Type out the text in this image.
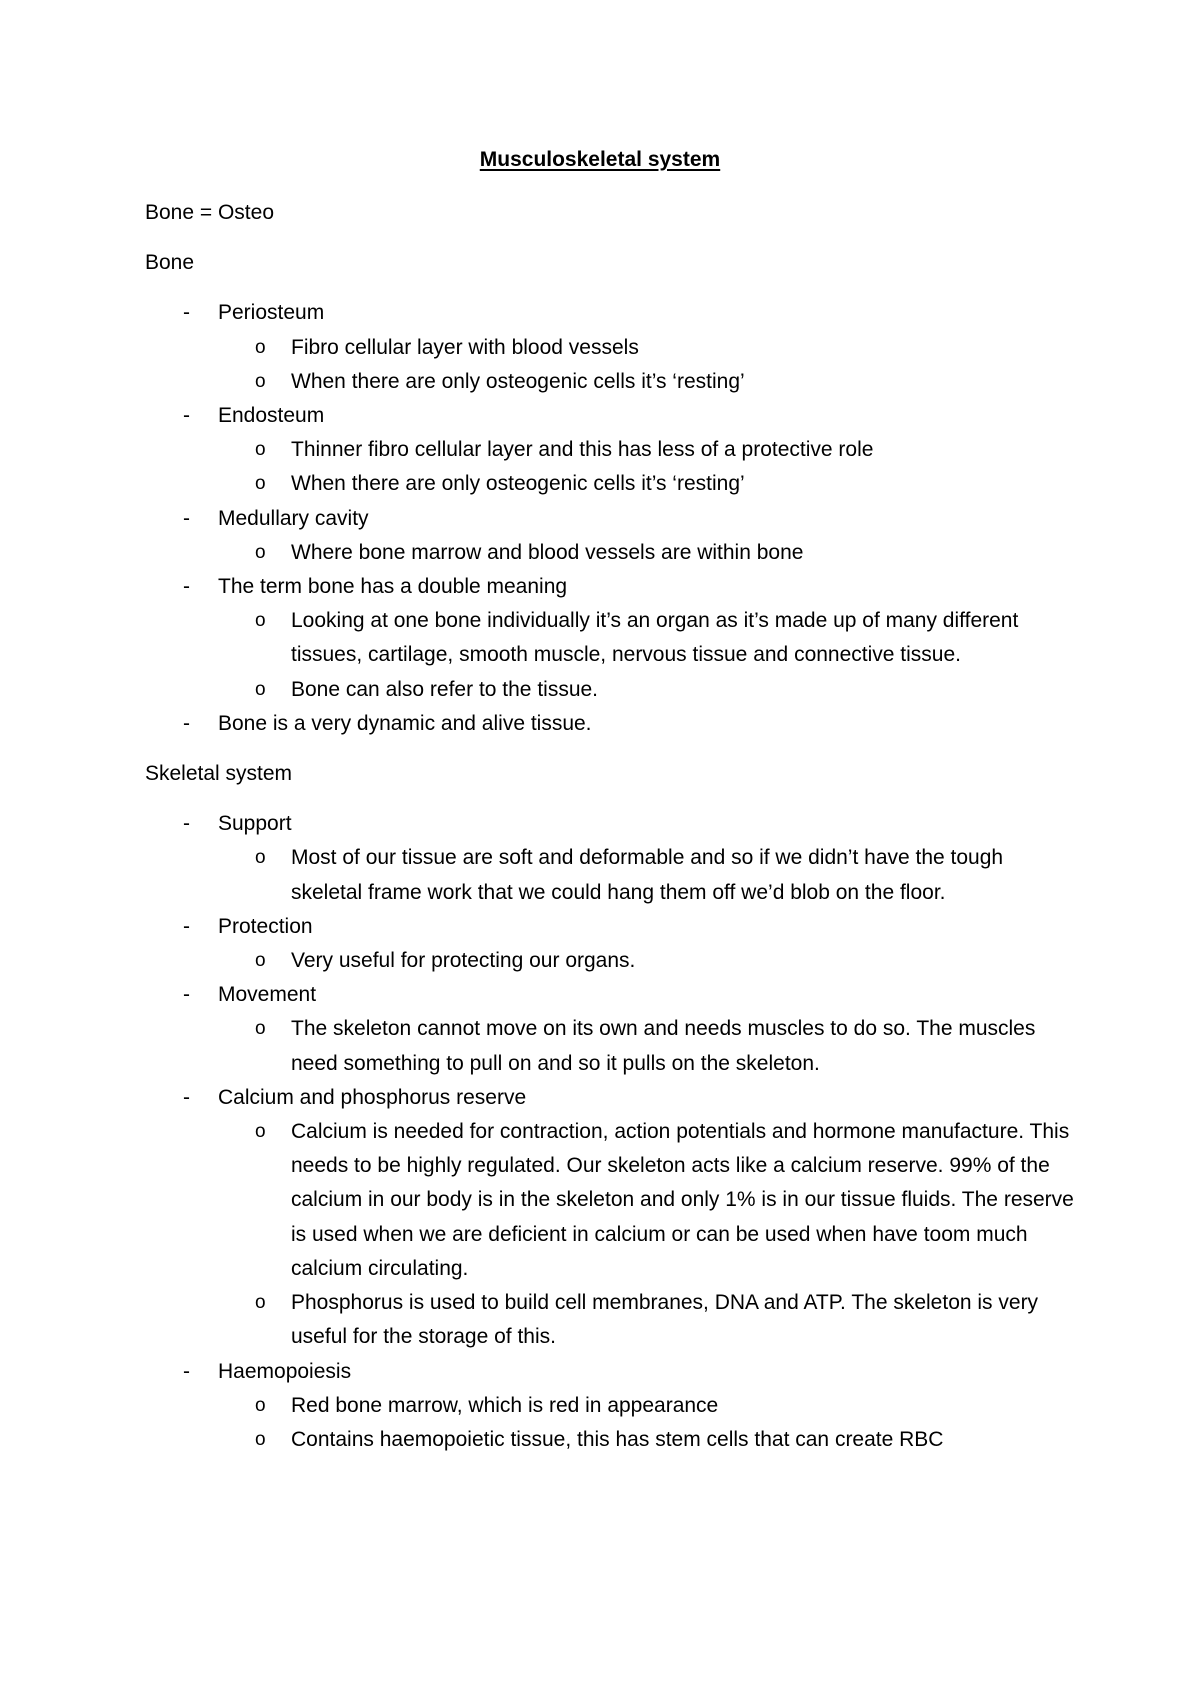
Musculoskeletal system

Bone = Osteo

Bone

- Periosteum
o Fibro cellular layer with blood vessels
o When there are only osteogenic cells it’s ‘resting’
- Endosteum
o Thinner fibro cellular layer and this has less of a protective role
o When there are only osteogenic cells it’s ‘resting’
- Medullary cavity
o Where bone marrow and blood vessels are within bone
- The term bone has a double meaning
o Looking at one bone individually it’s an organ as it’s made up of many different tissues, cartilage, smooth muscle, nervous tissue and connective tissue.
o Bone can also refer to the tissue.
- Bone is a very dynamic and alive tissue.

Skeletal system

- Support
o Most of our tissue are soft and deformable and so if we didn’t have the tough skeletal frame work that we could hang them off we’d blob on the floor.
- Protection
o Very useful for protecting our organs.
- Movement
o The skeleton cannot move on its own and needs muscles to do so. The muscles need something to pull on and so it pulls on the skeleton.
- Calcium and phosphorus reserve
o Calcium is needed for contraction, action potentials and hormone manufacture. This needs to be highly regulated. Our skeleton acts like a calcium reserve. 99% of the calcium in our body is in the skeleton and only 1% is in our tissue fluids. The reserve is used when we are deficient in calcium or can be used when have toom much calcium circulating.
o Phosphorus is used to build cell membranes, DNA and ATP. The skeleton is very useful for the storage of this.
- Haemopoiesis
o Red bone marrow, which is red in appearance
o Contains haemopoietic tissue, this has stem cells that can create RBC
